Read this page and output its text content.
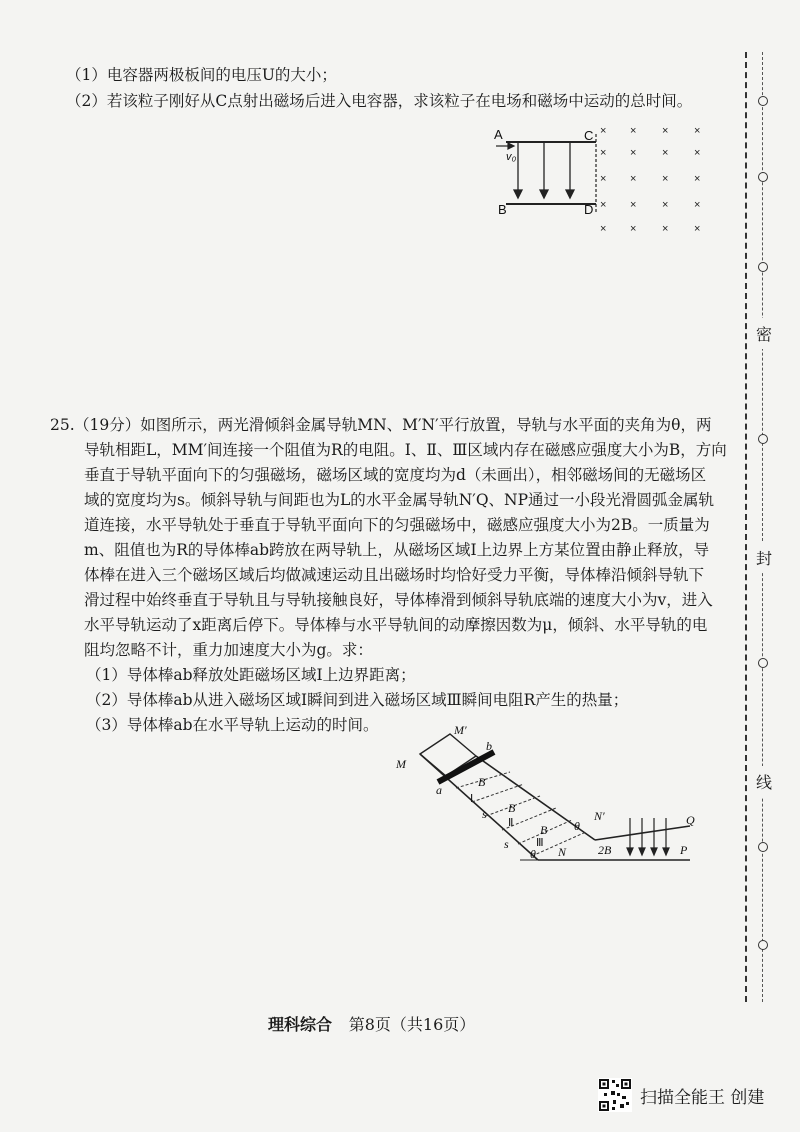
（1）电容器两极板间的电压U的大小；
（2）若该粒子刚好从C点射出磁场后进入电容器，求该粒子在电场和磁场中运动的总时间。
× × × ×
× × × ×
× × × ×
× × × ×
× × × ×
A	C
B	D
v₀
25. （19分）如图所示，两光滑倾斜金属导轨MN、M′N′平行放置，导轨与水平面的夹角为θ，两
导轨相距L，MM′间连接一个阻值为R的电阻。Ⅰ、Ⅱ、Ⅲ区域内存在磁感应强度大小为B，方向
垂直于导轨平面向下的匀强磁场，磁场区域的宽度均为d（未画出），相邻磁场间的无磁场区
域的宽度均为s。倾斜导轨与间距也为L的水平金属导轨N′Q、NP通过一小段光滑圆弧金属轨
道连接，水平导轨处于垂直于导轨平面向下的匀强磁场中，磁感应强度大小为2B。一质量为
m、阻值也为R的导体棒ab跨放在两导轨上，从磁场区域Ⅰ上边界上方某位置由静止释放，导
体棒在进入三个磁场区域后均做减速运动且出磁场时均恰好受力平衡，导体棒沿倾斜导轨下
滑过程中始终垂直于导轨且与导轨接触良好，导体棒滑到倾斜导轨底端的速度大小为v，进入
水平导轨运动了x距离后停下。导体棒与水平导轨间的动摩擦因数为μ，倾斜、水平导轨的电
阻均忽略不计，重力加速度大小为g。求：
（1）导体棒ab释放处距磁场区域Ⅰ上边界距离；
（2）导体棒ab从进入磁场区域Ⅰ瞬间到进入磁场区域Ⅲ瞬间电阻R产生的热量；
（3）导体棒ab在水平导轨上运动的时间。
M
M′
a
b
B
B
B
s
s
θ
θ
N′
N
Q
P
2B
Ⅰ
Ⅱ
Ⅲ
理科综合 第8页（共16页）
密
封
线
扫描全能王 创建
